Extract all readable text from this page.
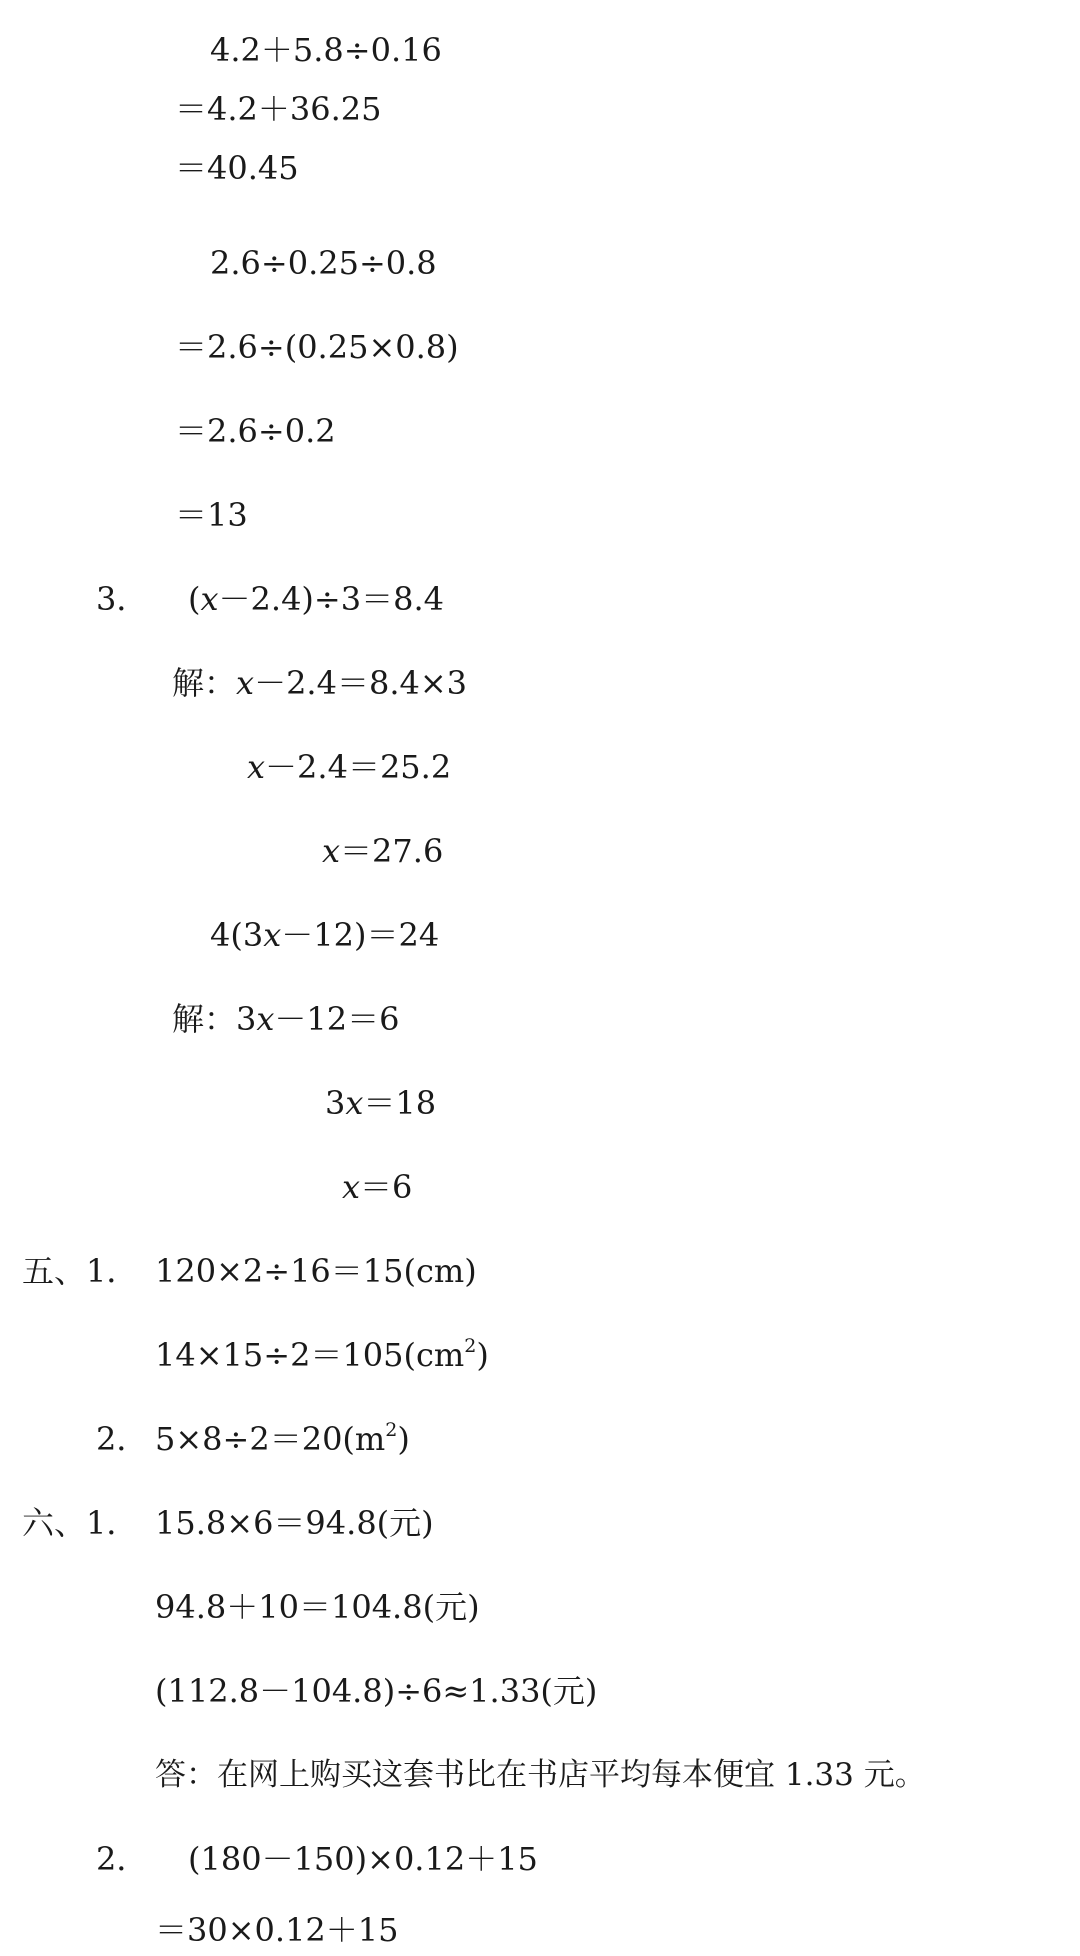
4.2＋5.8÷0.16
＝4.2＋36.25
＝40.45
2.6÷0.25÷0.8
＝2.6÷(0.25×0.8)
＝2.6÷0.2
＝13
3． (x－2.4)÷3＝8.4
解：x－2.4＝8.4×3
x－2.4＝25.2
x＝27.6
4(3x－12)＝24
解：3x－12＝6
3x＝18
x＝6
五、1． 120×2÷16＝15(cm)
$14\times 15\div 2=105(cm^2)$
2． $5\times 8\div 2=20(m^2)$
六、1． 15.8×6＝94.8(元)
94.8＋10＝104.8(元)
(112.8－104.8)÷6≈1.33(元)
答：在网上购买这套书比在书店平均每本便宜 1.33 元。
2． (180－150)×0.12＋15
＝30×0.12＋15
